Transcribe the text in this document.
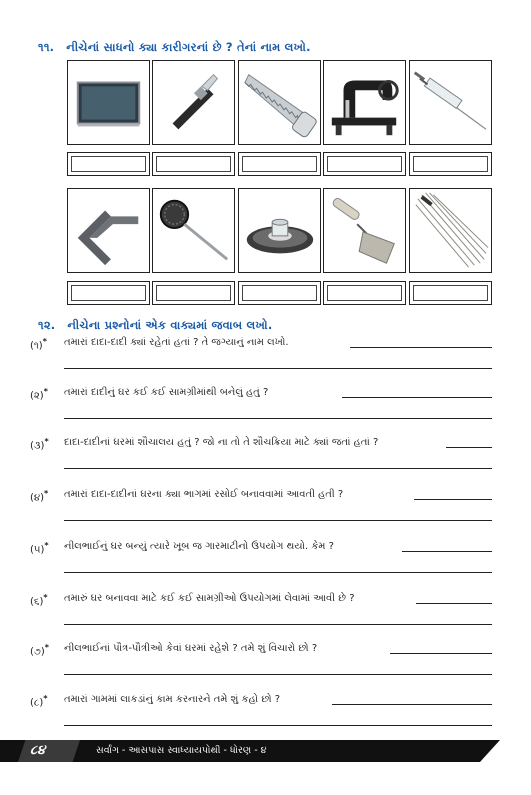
૧૧. નીચેનાં સાધનો ક્યા કારીગરનાં છે ? તેનાં નામ લખો.
૧૨. નીચેના પ્રશ્નોનાં એક વાક્યમાં જવાબ લખો.
(૧)* તમારાં દાદા-દાદી ક્યાં રહેતાં હતાં ? તે જગ્યાનું નામ લખો.
(૨)* તમારાં દાદીનું ઘર કઈ કઈ સામગ્રીમાંથી બનેલું હતું ?
(૩)* દાદા-દાદીનાં ઘરમાં શૌચાલય હતું ? જો ના તો તે શૌચક્રિયા માટે ક્યાં જતાં હતાં ?
(૪)* તમારાં દાદા-દાદીનાં ઘરના ક્યા ભાગમાં રસોઈ બનાવવામાં આવતી હતી ?
(૫)* નીલભાઈનું ઘર બન્યું ત્યારે ખૂબ જ ગારમાટીનો ઉપયોગ થયો. કેમ ?
(૬)* તમારું ઘર બનાવવા માટે કઈ કઈ સામગ્રીઓ ઉપયોગમાં લેવામાં આવી છે ?
(૭)* નીલભાઈનાં પૌત્ર-પૌત્રીઓ કેવાં ઘરમાં રહેશે ? તમે શું વિચારો છો ?
(૮)* તમારાં ગામમાં લાકડાંનું કામ કરનારને તમે શું કહો છો ?
૮૪	સર્વાંગ - આસપાસ સ્વાધ્યાયપોથી - ધોરણ - ૪
